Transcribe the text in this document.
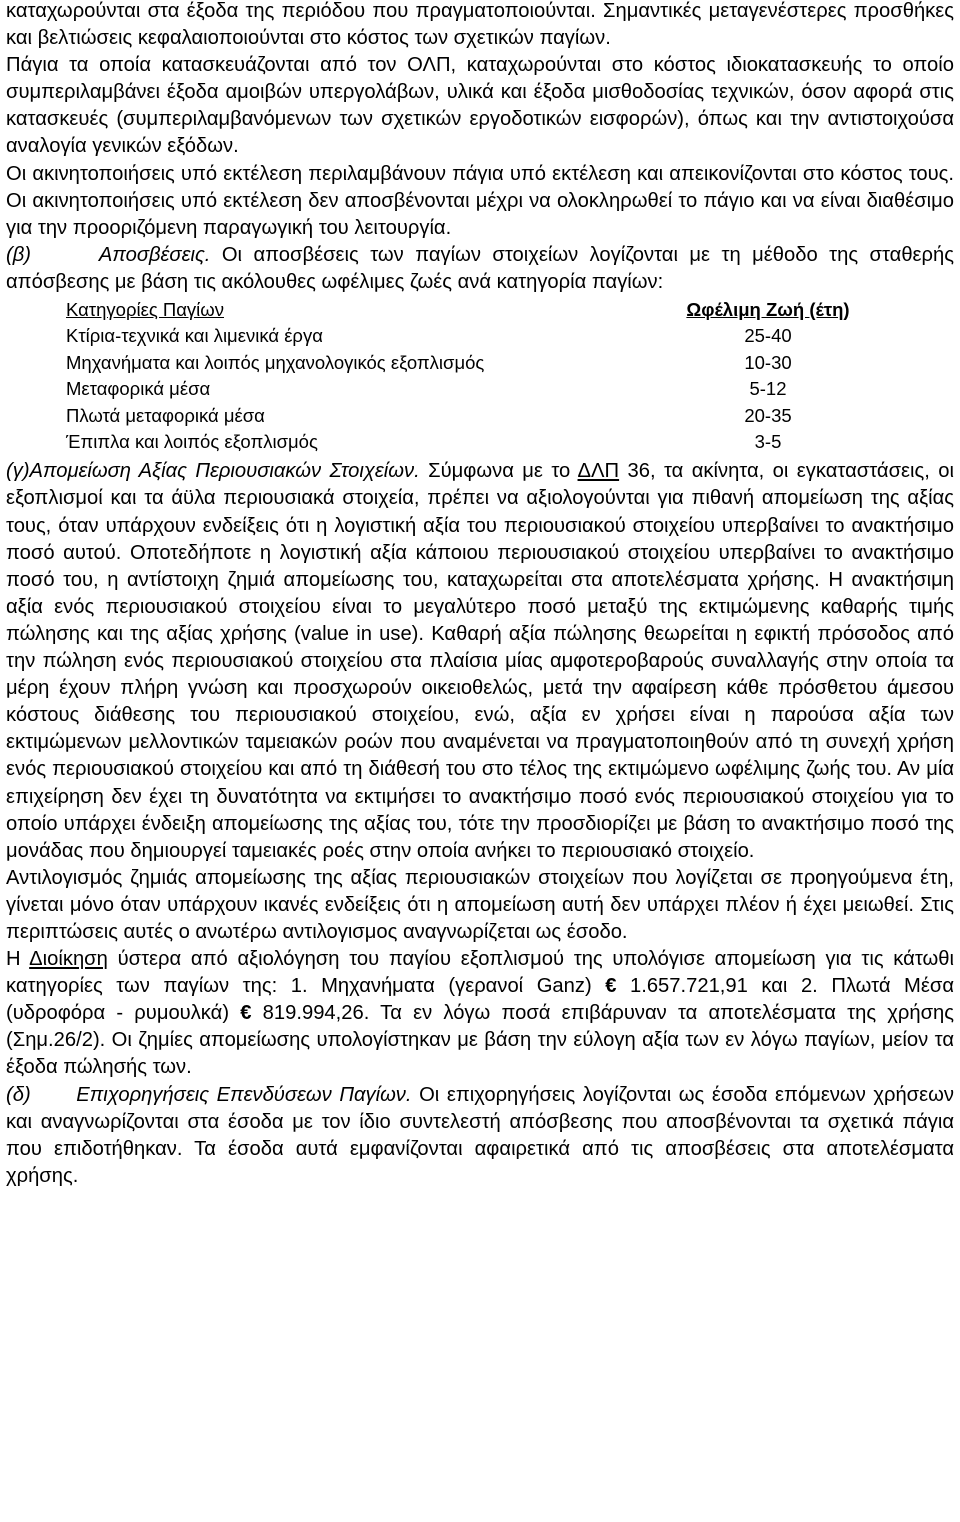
καταχωρούνται στα έξοδα της περιόδου που πραγματοποιούνται. Σημαντικές μεταγενέστερες προσθήκες και βελτιώσεις κεφαλαιοποιούνται στο κόστος των σχετικών παγίων.

Πάγια τα οποία κατασκευάζονται από τον ΟΛΠ, καταχωρούνται στο κόστος ιδιοκατασκευής το οποίο συμπεριλαμβάνει έξοδα αμοιβών υπεργολάβων, υλικά και έξοδα μισθοδοσίας τεχνικών, όσον αφορά στις κατασκευές (συμπεριλαμβανόμενων των σχετικών εργοδοτικών εισφορών), όπως και την αντιστοιχούσα αναλογία γενικών εξόδων.

Οι ακινητοποιήσεις υπό εκτέλεση περιλαμβάνουν πάγια υπό εκτέλεση και απεικονίζονται στο κόστος τους. Οι ακινητοποιήσεις υπό εκτέλεση δεν αποσβένονται μέχρι να ολοκληρωθεί το πάγιο και να είναι διαθέσιμο για την προοριζόμενη παραγωγική του λειτουργία.

(β)      Αποσβέσεις. Οι αποσβέσεις των παγίων στοιχείων λογίζονται με τη μέθοδο της σταθερής απόσβεσης με βάση τις ακόλουθες ωφέλιμες ζωές ανά κατηγορία παγίων:

Κατηγορίες Παγίων	Ωφέλιμη Ζωή (έτη)
Κτίρια-τεχνικά και λιμενικά έργα	25-40
Μηχανήματα και λοιπός μηχανολογικός εξοπλισμός	10-30
Μεταφορικά μέσα	5-12
Πλωτά μεταφορικά μέσα	20-35
Έπιπλα και λοιπός εξοπλισμός	3-5

(γ)Απομείωση Αξίας Περιουσιακών Στοιχείων. Σύμφωνα με το ΔΛΠ 36, τα ακίνητα, οι εγκαταστάσεις, οι εξοπλισμοί και τα άϋλα περιουσιακά στοιχεία, πρέπει να αξιολογούνται για πιθανή απομείωση της αξίας τους, όταν υπάρχουν ενδείξεις ότι η λογιστική αξία του περιουσιακού στοιχείου υπερβαίνει το ανακτήσιμο ποσό αυτού. Οποτεδήποτε η λογιστική αξία κάποιου περιουσιακού στοιχείου υπερβαίνει το ανακτήσιμο ποσό του, η αντίστοιχη ζημιά απομείωσης του, καταχωρείται στα αποτελέσματα χρήσης. Η ανακτήσιμη αξία ενός περιουσιακού στοιχείου είναι το μεγαλύτερο ποσό μεταξύ της εκτιμώμενης καθαρής τιμής πώλησης και της αξίας χρήσης (value in use). Καθαρή αξία πώλησης θεωρείται η εφικτή πρόσοδος από την πώληση ενός περιουσιακού στοιχείου στα πλαίσια μίας αμφοτεροβαρούς συναλλαγής στην οποία τα μέρη έχουν πλήρη γνώση και προσχωρούν οικειοθελώς, μετά την αφαίρεση κάθε πρόσθετου άμεσου κόστους διάθεσης του περιουσιακού στοιχείου, ενώ, αξία εν χρήσει είναι η παρούσα αξία των εκτιμώμενων μελλοντικών ταμειακών ροών που αναμένεται να πραγματοποιηθούν από τη συνεχή χρήση ενός περιουσιακού στοιχείου και από τη διάθεσή του στο τέλος της εκτιμώμενο ωφέλιμης ζωής του. Αν μία επιχείρηση δεν έχει τη δυνατότητα να εκτιμήσει το ανακτήσιμο ποσό ενός περιουσιακού στοιχείου για το οποίο υπάρχει ένδειξη απομείωσης της αξίας του, τότε την προσδιορίζει με βάση το ανακτήσιμο ποσό της μονάδας που δημιουργεί ταμειακές ροές στην οποία ανήκει το περιουσιακό στοιχείο.

Αντιλογισμός ζημιάς απομείωσης της αξίας περιουσιακών στοιχείων που λογίζεται σε προηγούμενα έτη, γίνεται μόνο όταν υπάρχουν ικανές ενδείξεις ότι η απομείωση αυτή δεν υπάρχει πλέον ή έχει μειωθεί. Στις περιπτώσεις αυτές ο ανωτέρω αντιλογισμος αναγνωρίζεται ως έσοδο.

Η Διοίκηση ύστερα από αξιολόγηση του παγίου εξοπλισμού της υπολόγισε απομείωση για τις κάτωθι κατηγορίες των παγίων της: 1. Μηχανήματα (γερανοί Ganz) € 1.657.721,91 και 2. Πλωτά Μέσα (υδροφόρα - ρυμουλκά) € 819.994,26. Τα εν λόγω ποσά επιβάρυναν τα αποτελέσματα της χρήσης (Σημ.26/2). Οι ζημίες απομείωσης υπολογίστηκαν με βάση την εύλογη αξία των εν λόγω παγίων, μείον τα έξοδα πώλησής των.

(δ)      Επιχορηγήσεις Επενδύσεων Παγίων. Οι επιχορηγήσεις λογίζονται ως έσοδα επόμενων χρήσεων και αναγνωρίζονται στα έσοδα με τον ίδιο συντελεστή απόσβεσης που αποσβένονται τα σχετικά πάγια που επιδοτήθηκαν. Τα έσοδα αυτά εμφανίζονται αφαιρετικά από τις αποσβέσεις στα αποτελέσματα χρήσης.
